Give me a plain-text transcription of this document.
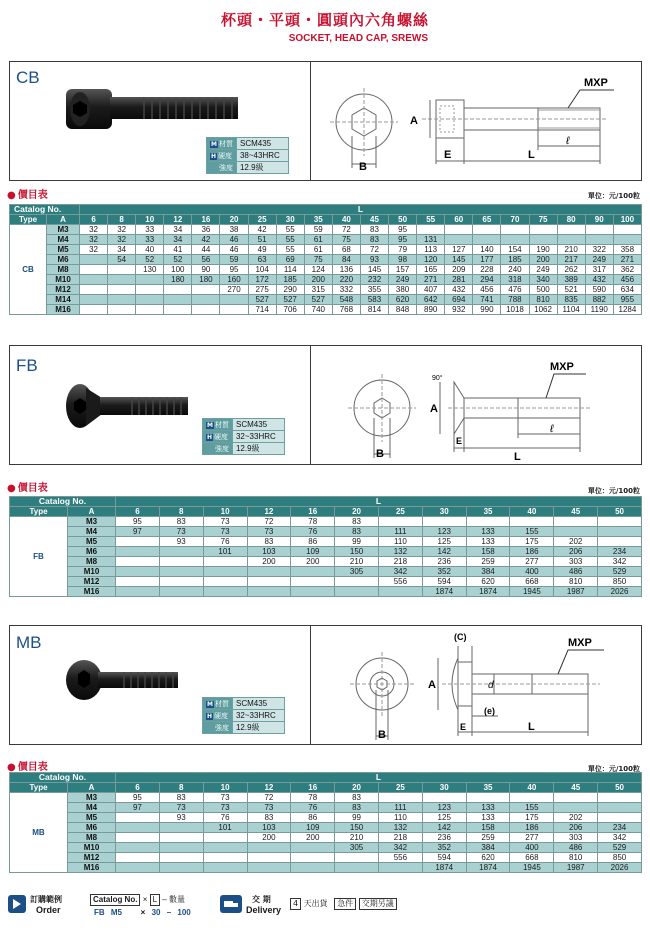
杯頭・平頭・圓頭內六角螺絲
SOCKET, HEAD CAP, SREWS
CB
M 材質	SCM435
H 硬度	38~43HRC
強度	12.9級	B
A
E	L
ℓ
MXP
● 價目表	單位：元/100粒
Catalog No.		L																			
Type	A	6	8	10	12	16	20	25	30	35	40	45	50	55	60	65	70	75	80	90	100
CB	M3	32	32	33	34	36	38	42	55	59	72	83	95								
	M4	32	32	33	34	42	46	51	55	61	75	83	95	131							
	M5	32	34	40	41	44	46	49	55	61	68	72	79	113	127	140	154	190	210	322	358
	M6		54	52	52	56	59	63	69	75	84	93	98	120	145	177	185	200	217	249	271
	M8			130	100	90	95	104	114	124	136	145	157	165	209	228	240	249	262	317	362
	M10				180	180	160	172	185	200	220	232	249	271	281	294	318	340	389	432	456
	M12						270	275	290	315	332	355	380	407	432	456	476	500	521	590	634
	M14							527	527	527	548	583	620	642	694	741	788	810	835	882	955
	M16							714	706	740	768	814	848	890	932	990	1018	1062	1104	1190	1284
FB
M 材質	SCM435
H 硬度	32~33HRC
強度	12.9級	B
A
90°
E
L
ℓ
MXP
● 價目表	單位：元/100粒
Catalog No.		L											
Type	A	6	8	10	12	16	20	25	30	35	40	45	50
FB	M3	95	83	73	72	78	83						
	M4	97	73	73	73	76	83	111	123	133	155		
	M5		93	76	83	86	99	110	125	133	175	202	
	M6			101	103	109	150	132	142	158	186	206	234
	M8				200	200	210	218	236	259	277	303	342
	M10						305	342	352	384	400	486	529
	M12							556	594	620	668	810	850
	M16								1874	1874	1945	1987	2026
MB
M 材質	SCM435
H 硬度	32~33HRC
強度	12.9級
B
A	d
(C)
(e)
E	L
MXP
● 價目表	單位：元/100粒
Catalog No.		L											
Type	A	6	8	10	12	16	20	25	30	35	40	45	50
MB	M3	95	83	73	72	78	83						
	M4	97	73	73	73	76	83	111	123	133	155		
	M5		93	76	83	86	99	110	125	133	175	202	
	M6			101	103	109	150	132	142	158	186	206	234
	M8				200	200	210	218	236	259	277	303	342
	M10						305	342	352	384	400	486	529
	M12							556	594	620	668	810	850
	M16								1874	1874	1945	1987	2026
訂購範例
Order
Catalog No. × L – 數量
FB M5 × 30 – 100
交 期
Delivery
4 天出貨 急件 交期另議
